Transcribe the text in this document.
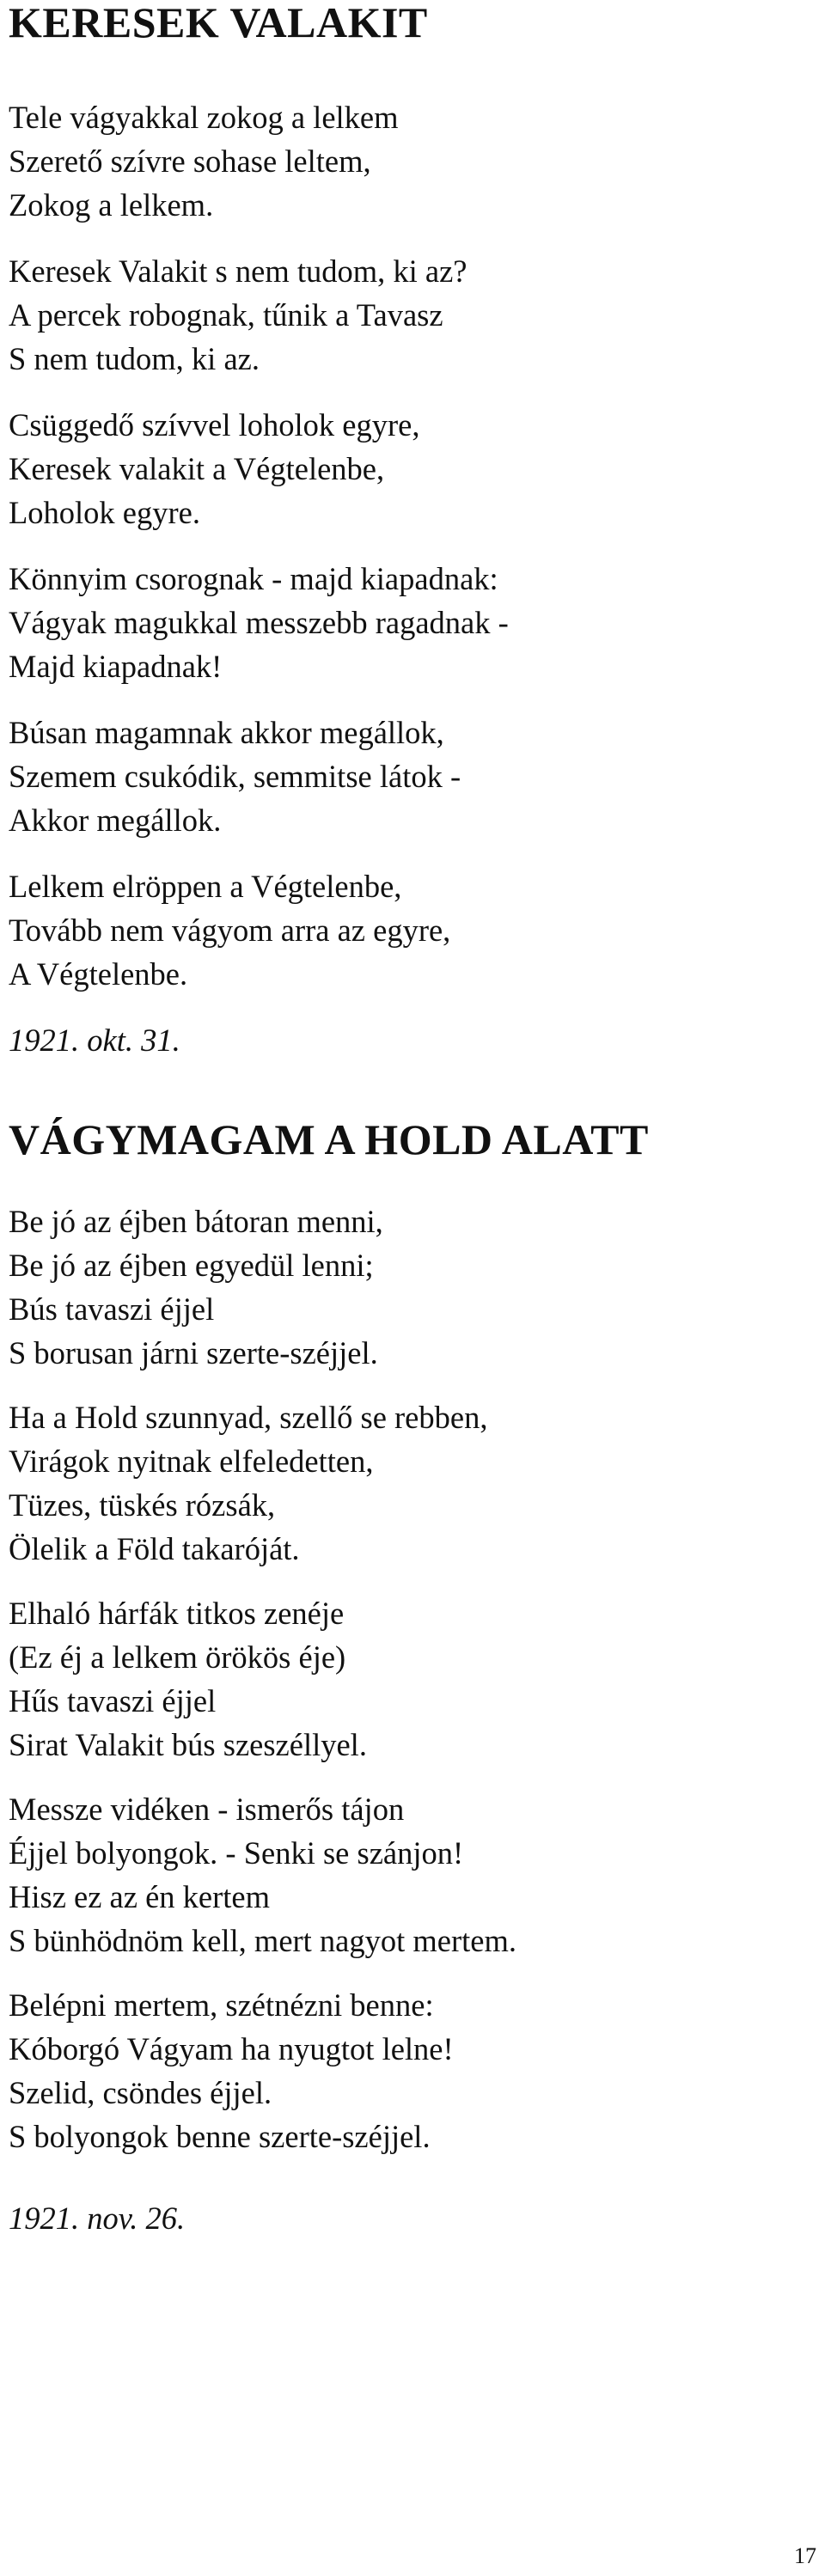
KERESEK VALAKIT

Tele vágyakkal zokog a lelkem

Szerető szívre sohase leltem,

Zokog a lelkem.

Keresek Valakit s nem tudom, ki az?

A percek robognak, tűnik a Tavasz

S nem tudom, ki az.

Csüggedő szívvel loholok egyre,

Keresek valakit a Végtelenbe,

Loholok egyre.

Könnyim csorognak - majd kiapadnak:

Vágyak magukkal messzebb ragadnak -

Majd kiapadnak!

Búsan magamnak akkor megállok,

Szemem csukódik, semmitse látok -

Akkor megállok.

Lelkem elröppen a Végtelenbe,

Tovább nem vágyom arra az egyre,

A Végtelenbe.

1921. okt. 31.

VÁGYMAGAM A HOLD ALATT

Be jó az éjben bátoran menni,

Be jó az éjben egyedül lenni;

Bús tavaszi éjjel

S borusan járni szerte-széjjel.

Ha a Hold szunnyad, szellő se rebben,

Virágok nyitnak elfeledetten,

Tüzes, tüskés rózsák,

Ölelik a Föld takaróját.

Elhaló hárfák titkos zenéje

(Ez éj a lelkem örökös éje)

Hűs tavaszi éjjel

Sirat Valakit bús szeszéllyel.

Messze vidéken - ismerős tájon

Éjjel bolyongok. - Senki se szánjon!

Hisz ez az én kertem

S bünhödnöm kell, mert nagyot mertem.

Belépni mertem, szétnézni benne:

Kóborgó Vágyam ha nyugtot lelne!

Szelid, csöndes éjjel.

S bolyongok benne szerte-széjjel.

1921. nov. 26.

17
